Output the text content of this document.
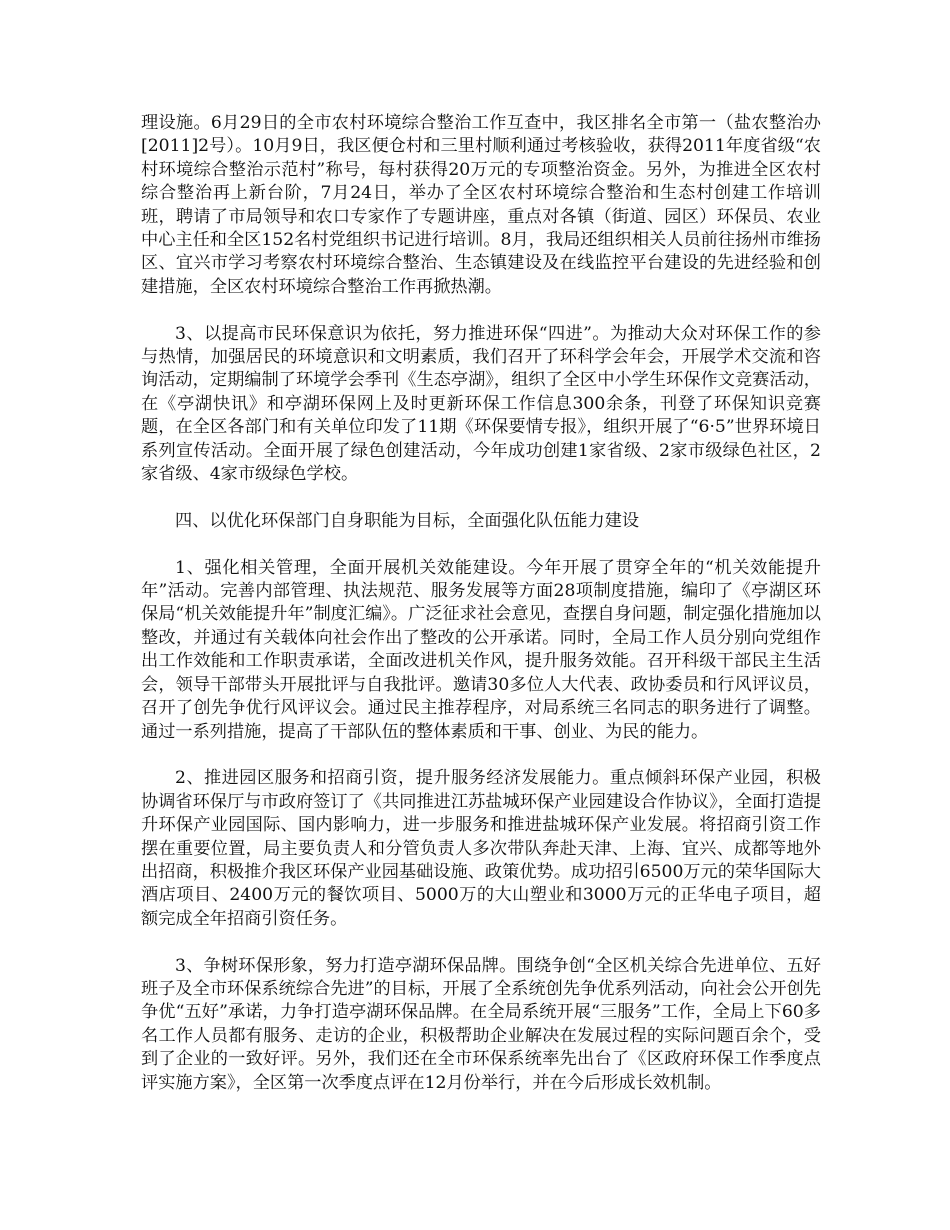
理设施。6月29日的全市农村环境综合整治工作互查中，我区排名全市第一（盐农整治办[2011]2号）。10月9日，我区便仓村和三里村顺利通过考核验收，获得2011年度省级“农村环境综合整治示范村”称号，每村获得20万元的专项整治资金。另外，为推进全区农村综合整治再上新台阶，7月24日，举办了全区农村环境综合整治和生态村创建工作培训班，聘请了市局领导和农口专家作了专题讲座，重点对各镇（街道、园区）环保员、农业中心主任和全区152名村党组织书记进行培训。8月，我局还组织相关人员前往扬州市维扬区、宜兴市学习考察农村环境综合整治、生态镇建设及在线监控平台建设的先进经验和创建措施，全区农村环境综合整治工作再掀热潮。

3、以提高市民环保意识为依托，努力推进环保“四进”。为推动大众对环保工作的参与热情，加强居民的环境意识和文明素质，我们召开了环科学会年会，开展学术交流和咨询活动，定期编制了环境学会季刊《生态亭湖》，组织了全区中小学生环保作文竞赛活动，在《亭湖快讯》和亭湖环保网上及时更新环保工作信息300余条，刊登了环保知识竞赛题，在全区各部门和有关单位印发了11期《环保要情专报》，组织开展了“6·5”世界环境日系列宣传活动。全面开展了绿色创建活动，今年成功创建1家省级、2家市级绿色社区，2家省级、4家市级绿色学校。

四、以优化环保部门自身职能为目标，全面强化队伍能力建设

1、强化相关管理，全面开展机关效能建设。今年开展了贯穿全年的“机关效能提升年”活动。完善内部管理、执法规范、服务发展等方面28项制度措施，编印了《亭湖区环保局“机关效能提升年”制度汇编》。广泛征求社会意见，查摆自身问题，制定强化措施加以整改，并通过有关载体向社会作出了整改的公开承诺。同时，全局工作人员分别向党组作出工作效能和工作职责承诺，全面改进机关作风，提升服务效能。召开科级干部民主生活会，领导干部带头开展批评与自我批评。邀请30多位人大代表、政协委员和行风评议员，召开了创先争优行风评议会。通过民主推荐程序，对局系统三名同志的职务进行了调整。通过一系列措施，提高了干部队伍的整体素质和干事、创业、为民的能力。

2、推进园区服务和招商引资，提升服务经济发展能力。重点倾斜环保产业园，积极协调省环保厅与市政府签订了《共同推进江苏盐城环保产业园建设合作协议》，全面打造提升环保产业园国际、国内影响力，进一步服务和推进盐城环保产业发展。将招商引资工作摆在重要位置，局主要负责人和分管负责人多次带队奔赴天津、上海、宜兴、成都等地外出招商，积极推介我区环保产业园基础设施、政策优势。成功招引6500万元的荣华国际大酒店项目、2400万元的餐饮项目、5000万的大山塑业和3000万元的正华电子项目，超额完成全年招商引资任务。

3、争树环保形象，努力打造亭湖环保品牌。围绕争创“全区机关综合先进单位、五好班子及全市环保系统综合先进”的目标，开展了全系统创先争优系列活动，向社会公开创先争优“五好”承诺，力争打造亭湖环保品牌。在全局系统开展“三服务”工作，全局上下60多名工作人员都有服务、走访的企业，积极帮助企业解决在发展过程的实际问题百余个，受到了企业的一致好评。另外，我们还在全市环保系统率先出台了《区政府环保工作季度点评实施方案》，全区第一次季度点评在12月份举行，并在今后形成长效机制。
